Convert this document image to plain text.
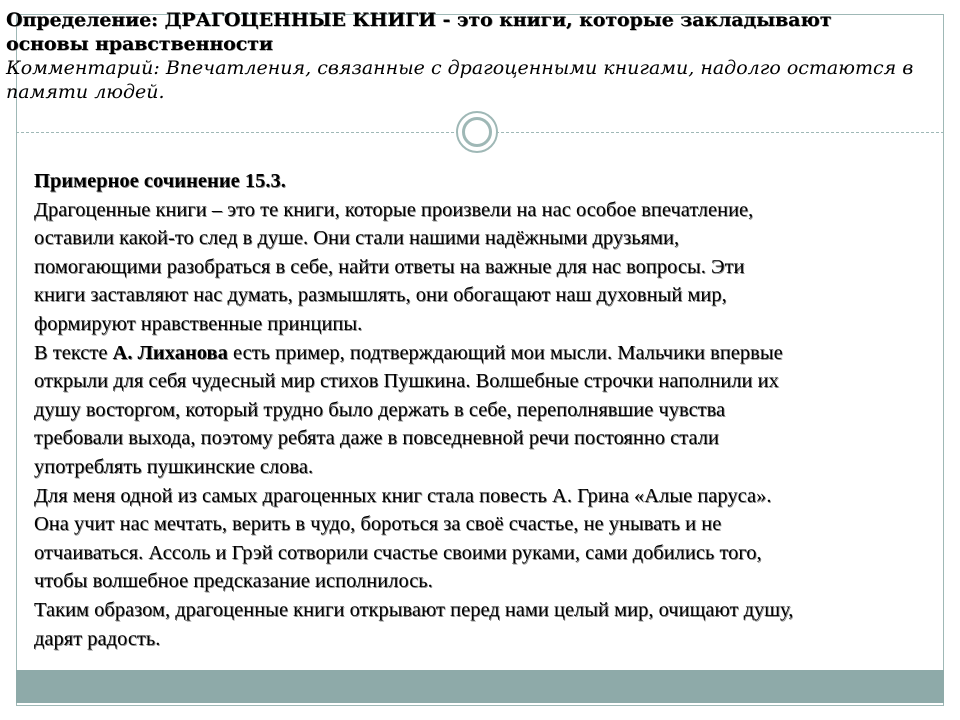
Определение: ДРАГОЦЕННЫЕ КНИГИ - это книги, которые закладывают
основы нравственности
Комментарий: Впечатления, связанные с драгоценными книгами, надолго остаются в
памяти людей.

Примерное сочинение 15.3.

Драгоценные книги – это те книги, которые произвели на нас особое впечатление,

оставили какой-то след в душе. Они стали нашими надёжными друзьями,

помогающими разобраться в себе, найти ответы на важные для нас вопросы. Эти

книги заставляют нас думать, размышлять, они обогащают наш духовный мир,

формируют нравственные принципы.

В тексте А. Лиханова есть пример, подтверждающий мои мысли. Мальчики впервые

открыли для себя чудесный мир стихов Пушкина. Волшебные строчки наполнили их

душу восторгом, который трудно было держать в себе, переполнявшие чувства

требовали выхода, поэтому ребята даже в повседневной речи постоянно стали

употреблять пушкинские слова.

Для меня одной из самых драгоценных книг стала повесть А. Грина «Алые паруса».

Она учит нас мечтать, верить в чудо, бороться за своё счастье, не унывать и не

отчаиваться. Ассоль и Грэй сотворили счастье своими руками, сами добились того,

чтобы волшебное предсказание исполнилось.

Таким образом, драгоценные книги открывают перед нами целый мир, очищают душу,

дарят радость.
